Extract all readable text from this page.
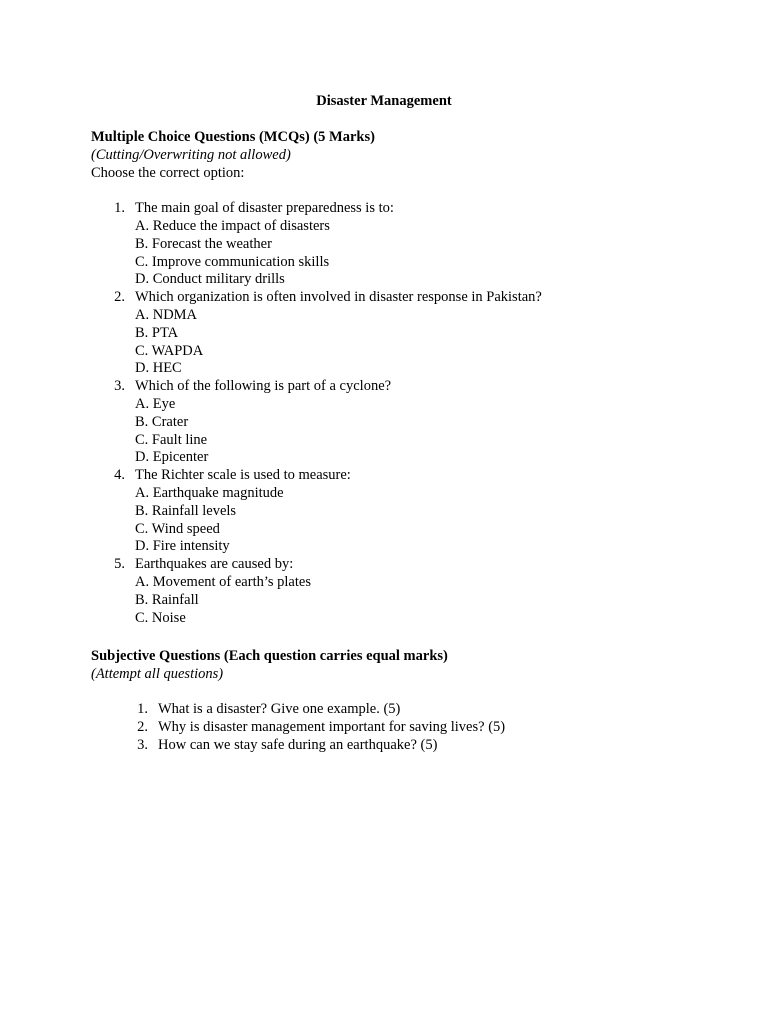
Disaster Management
Multiple Choice Questions (MCQs) (5 Marks)
(Cutting/Overwriting not allowed)
Choose the correct option:
1. The main goal of disaster preparedness is to:
A. Reduce the impact of disasters
B. Forecast the weather
C. Improve communication skills
D. Conduct military drills
2. Which organization is often involved in disaster response in Pakistan?
A. NDMA
B. PTA
C. WAPDA
D. HEC
3. Which of the following is part of a cyclone?
A. Eye
B. Crater
C. Fault line
D. Epicenter
4. The Richter scale is used to measure:
A. Earthquake magnitude
B. Rainfall levels
C. Wind speed
D. Fire intensity
5. Earthquakes are caused by:
A. Movement of earth’s plates
B. Rainfall
C. Noise
Subjective Questions (Each question carries equal marks)
(Attempt all questions)
1. What is a disaster? Give one example. (5)
2. Why is disaster management important for saving lives? (5)
3. How can we stay safe during an earthquake? (5)
